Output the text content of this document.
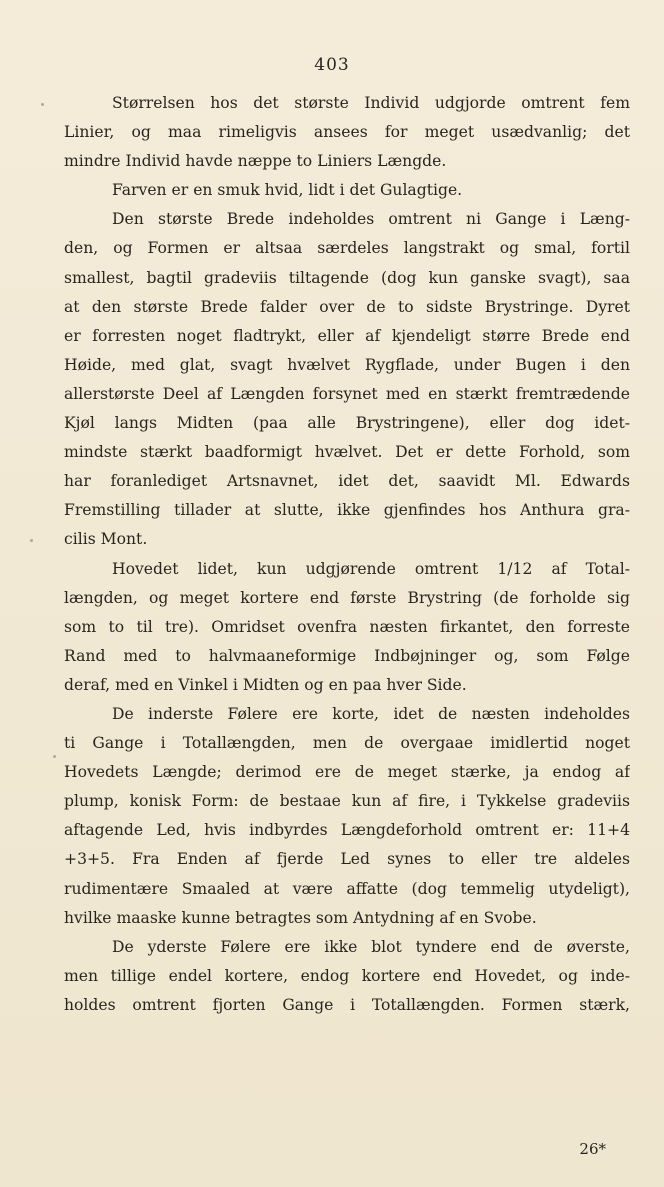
403
Størrelsen hos det største Individ udgjorde omtrent fem
Linier, og maa rimeligvis ansees for meget usædvanlig; det
mindre Individ havde næppe to Liniers Længde.
Farven er en smuk hvid, lidt i det Gulagtige.
Den største Brede indeholdes omtrent ni Gange i Læng-
den, og Formen er altsaa særdeles langstrakt og smal, fortil
smallest, bagtil gradeviis tiltagende (dog kun ganske svagt), saa
at den største Brede falder over de to sidste Brystringe. Dyret
er forresten noget fladtrykt, eller af kjendeligt større Brede end
Høide, med glat, svagt hvælvet Rygflade, under Bugen i den
allerstørste Deel af Længden forsynet med en stærkt fremtrædende
Kjøl langs Midten (paa alle Brystringene), eller dog idet-
mindste stærkt baadformigt hvælvet. Det er dette Forhold, som
har foranlediget Artsnavnet, idet det, saavidt Ml. Edwards
Fremstilling tillader at slutte, ikke gjenfindes hos Anthura gra-
cilis Mont.
Hovedet lidet, kun udgjørende omtrent 1/12 af Total-
længden, og meget kortere end første Brystring (de forholde sig
som to til tre). Omridset ovenfra næsten firkantet, den forreste
Rand med to halvmaaneformige Indbøjninger og, som Følge
deraf, med en Vinkel i Midten og en paa hver Side.
De inderste Følere ere korte, idet de næsten indeholdes
ti Gange i Totallængden, men de overgaae imidlertid noget
Hovedets Længde; derimod ere de meget stærke, ja endog af
plump, konisk Form: de bestaae kun af fire, i Tykkelse gradeviis
aftagende Led, hvis indbyrdes Længdeforhold omtrent er: 11+4
+3+5. Fra Enden af fjerde Led synes to eller tre aldeles
rudimentære Smaaled at være affatte (dog temmelig utydeligt),
hvilke maaske kunne betragtes som Antydning af en Svobe.
De yderste Følere ere ikke blot tyndere end de øverste,
men tillige endel kortere, endog kortere end Hovedet, og inde-
holdes omtrent fjorten Gange i Totallængden. Formen stærk,
26*
